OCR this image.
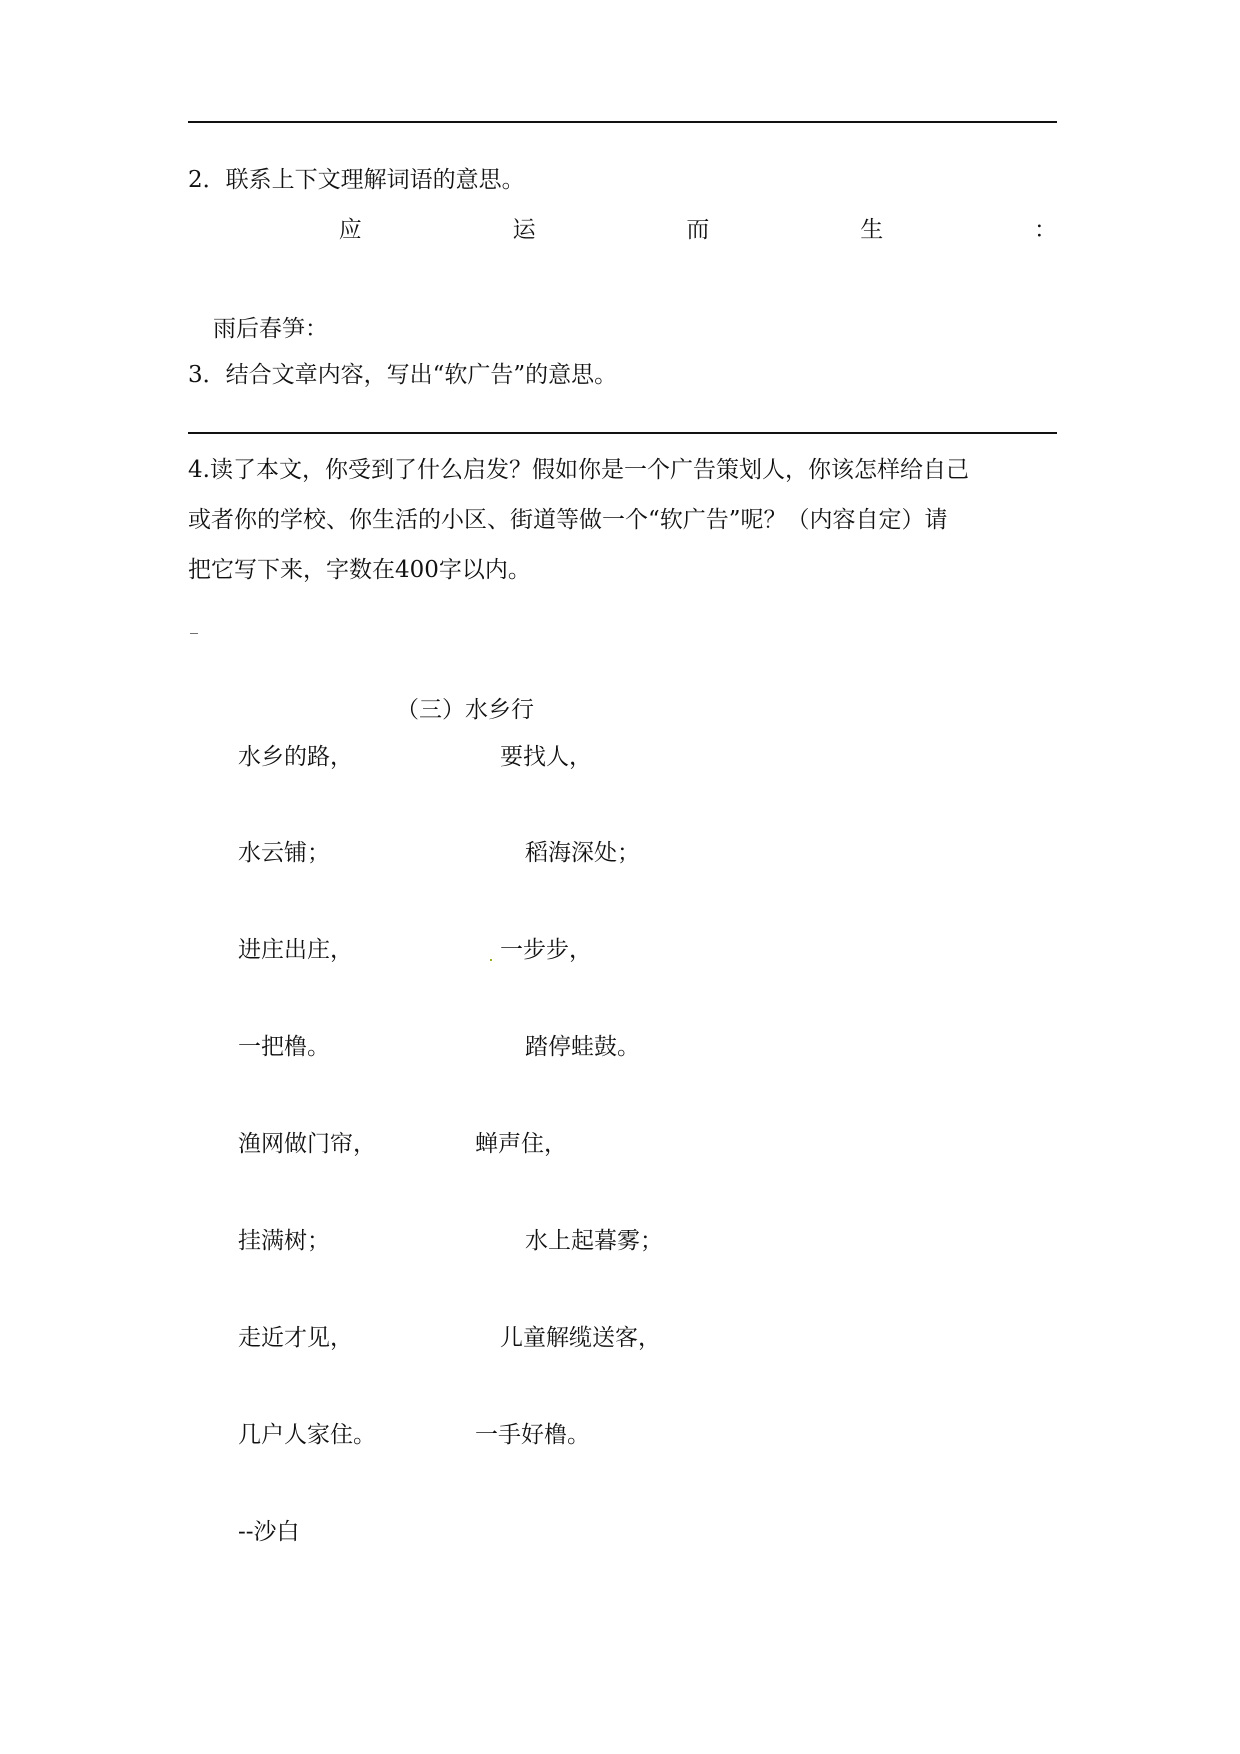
2．联系上下文理解词语的意思。
应	运	而	生	：
雨后春笋：
3．结合文章内容，写出“软广告”的意思。
4.读了本文，你受到了什么启发？假如你是一个广告策划人，你该怎样给自己
或者你的学校、你生活的小区、街道等做一个“软广告”呢？（内容自定）请
把它写下来，字数在400字以内。
_
（三）水乡行
水乡的路，
水云铺；
进庄出庄，
一把橹。
渔网做门帘，
挂满树；
走近才见，
几户人家住。
要找人，
稻海深处；
一步步，
踏停蛙鼓。
蝉声住，
水上起暮雾；
儿童解缆送客，
一手好橹。
--沙白
